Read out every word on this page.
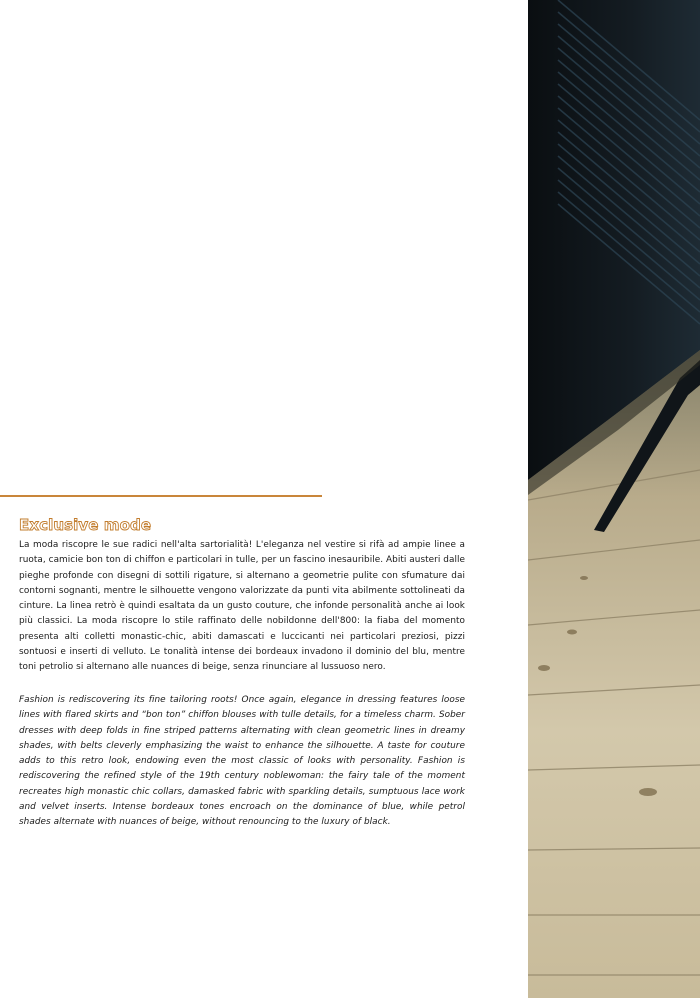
Exclusive mode

La moda riscopre le sue radici nell'alta sartorialità! L'eleganza nel vestire si rifà ad ampie linee a ruota, camicie bon ton di chiffon e particolari in tulle, per un fascino inesauribile. Abiti austeri dalle pieghe profonde con disegni di sottili rigature, si alternano a geometrie pulite con sfumature dai contorni sognanti, mentre le silhouette vengono valorizzate da punti vita abilmente sottolineati da cinture. La linea retrò è quindi esaltata da un gusto couture, che infonde personalità anche ai look più classici. La moda riscopre lo stile raffinato delle nobildonne dell'800: la fiaba del momento presenta alti colletti monastic-chic, abiti damascati e luccicanti nei particolari preziosi, pizzi sontuosi e inserti di velluto. Le tonalità intense dei bordeaux invadono il dominio del blu, mentre toni petrolio si alternano alle nuances di beige, senza rinunciare al lussuoso nero.

Fashion is rediscovering its fine tailoring roots! Once again, elegance in dressing features loose lines with flared skirts and “bon ton” chiffon blouses with tulle details, for a timeless charm. Sober dresses with deep folds in fine striped patterns alternating with clean geometric lines in dreamy shades, with belts cleverly emphasizing the waist to enhance the silhouette. A taste for couture adds to this retro look, endowing even the most classic of looks with personality. Fashion is rediscovering the refined style of the 19th century noblewoman: the fairy tale of the moment recreates high monastic chic collars, damasked fabric with sparkling details, sumptuous lace work and velvet inserts. Intense bordeaux tones encroach on the dominance of blue, while petrol shades alternate with nuances of beige, without renouncing to the luxury of black.
